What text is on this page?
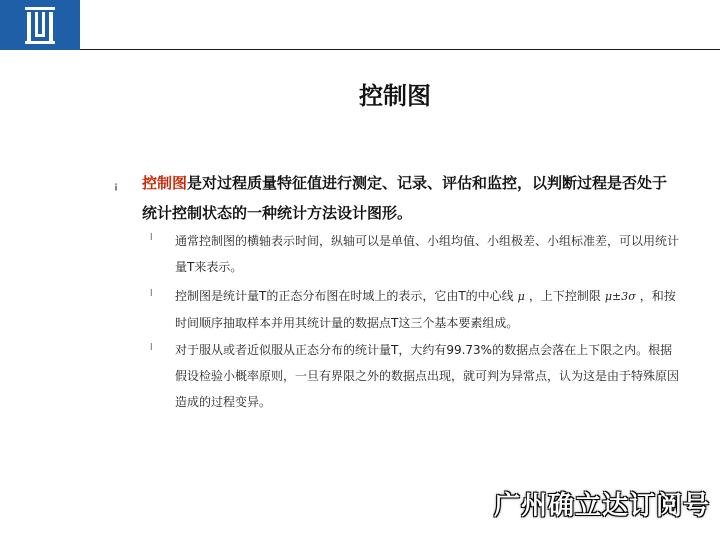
控制图
¡ 控制图是对过程质量特征值进行测定、记录、评估和监控，以判断过程是否处于统计控制状态的一种统计方法设计图形。
l 通常控制图的横轴表示时间，纵轴可以是单值、小组均值、小组极差、小组标准差，可以用统计量T来表示。
l 控制图是统计量T的正态分布图在时域上的表示，它由T的中心线 μ ，上下控制限 μ±3σ ，和按时间顺序抽取样本并用其统计量的数据点T这三个基本要素组成。
l 对于服从或者近似服从正态分布的统计量T，大约有99.73%的数据点会落在上下限之内。根据假设检验小概率原则，一旦有界限之外的数据点出现，就可判为异常点，认为这是由于特殊原因造成的过程变异。
广州确立达订阅号
